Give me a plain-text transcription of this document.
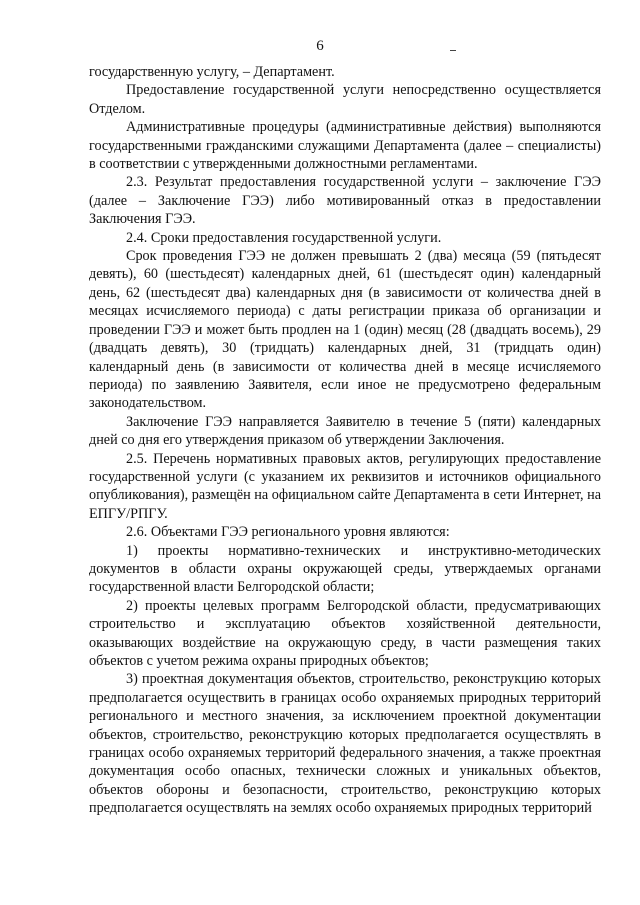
6

государственную услугу, – Департамент.

Предоставление государственной услуги непосредственно осуществляется Отделом.

Административные процедуры (административные действия) выполняются государственными гражданскими служащими Департамента (далее – специалисты) в соответствии с утвержденными должностными регламентами.

2.3. Результат предоставления государственной услуги – заключение ГЭЭ (далее – Заключение ГЭЭ) либо мотивированный отказ в предоставлении Заключения ГЭЭ.

2.4. Сроки предоставления государственной услуги.

Срок проведения ГЭЭ не должен превышать 2 (два) месяца (59 (пятьдесят девять), 60 (шестьдесят) календарных дней, 61 (шестьдесят один) календарный день, 62 (шестьдесят два) календарных дня (в зависимости от количества дней в месяцах исчисляемого периода) с даты регистрации приказа об организации и проведении ГЭЭ и может быть продлен на 1 (один) месяц (28 (двадцать восемь), 29 (двадцать девять), 30 (тридцать) календарных дней, 31 (тридцать один) календарный день (в зависимости от количества дней в месяце исчисляемого периода) по заявлению Заявителя, если иное не предусмотрено федеральным законодательством.

Заключение ГЭЭ направляется Заявителю в течение 5 (пяти) календарных дней со дня его утверждения приказом об утверждении Заключения.

2.5. Перечень нормативных правовых актов, регулирующих предоставление государственной услуги (с указанием их реквизитов и источников официального опубликования), размещён на официальном сайте Департамента в сети Интернет, на ЕПГУ/РПГУ.

2.6. Объектами ГЭЭ регионального уровня являются:

1) проекты нормативно-технических и инструктивно-методических документов в области охраны окружающей среды, утверждаемых органами государственной власти Белгородской области;

2) проекты целевых программ Белгородской области, предусматривающих строительство и эксплуатацию объектов хозяйственной деятельности, оказывающих воздействие на окружающую среду, в части размещения таких объектов с учетом режима охраны природных объектов;

3) проектная документация объектов, строительство, реконструкцию которых предполагается осуществить в границах особо охраняемых природных территорий регионального и местного значения, за исключением проектной документации объектов, строительство, реконструкцию которых предполагается осуществлять в границах особо охраняемых территорий федерального значения, а также проектная документация особо опасных, технически сложных и уникальных объектов, объектов обороны и безопасности, строительство, реконструкцию которых предполагается осуществлять на землях особо охраняемых природных территорий
